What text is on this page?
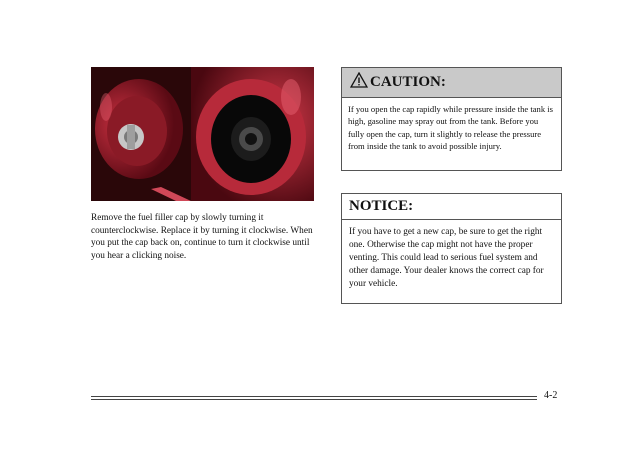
Remove the fuel filler cap by slowly turning it counterclockwise. Replace it by turning it clockwise. When you put the cap back on, continue to turn it clockwise until you hear a clicking noise.
CAUTION:
If you open the cap rapidly while pressure inside the tank is high, gasoline may spray out from the tank. Before you fully open the cap, turn it slightly to release the pressure from inside the tank to avoid possible injury.
NOTICE:
If you have to get a new cap, be sure to get the right one. Otherwise the cap might not have the proper venting. This could lead to serious fuel system and other damage. Your dealer knows the correct cap for your vehicle.
4-2
